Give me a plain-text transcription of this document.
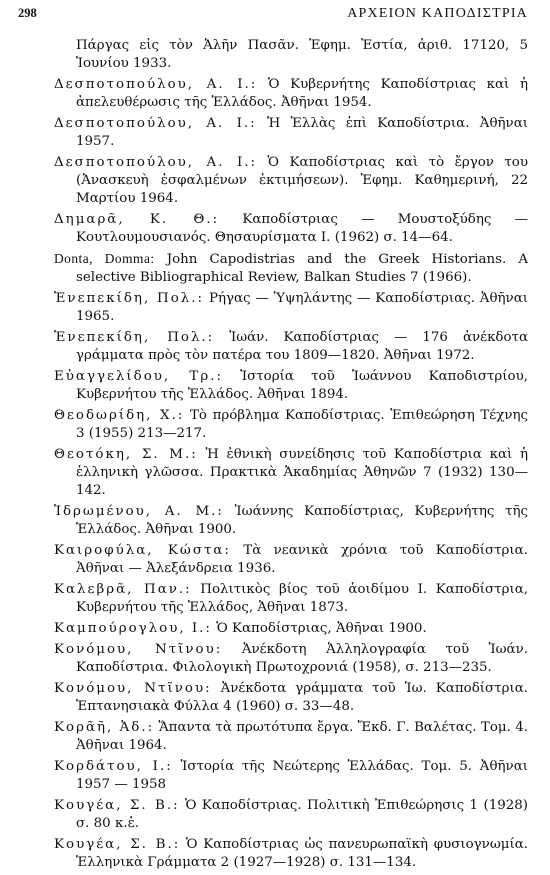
298	ΑΡΧΕΙΟΝ ΚΑΠΟΔΙΣΤΡΙΑ
Πάργας εἰς τὸν Ἀλῆν Πασᾶν. Ἐφημ. Ἑστία, ἀριθ. 17120, 5 Ἰουνίου 1933.
Δεσποτοπούλου, Α. Ι.: Ὁ Κυβερνήτης Καποδίστριας καὶ ἡ ἀπελευθέρωσις τῆς Ἑλλάδος. Ἀθῆναι 1954.
Δεσποτοπούλου, Α. Ι.: Ἡ Ἑλλὰς ἐπὶ Καποδίστρια. Ἀθῆναι 1957.
Δεσποτοπούλου, Α. Ι.: Ὁ Καποδίστριας καὶ τὸ ἔργον του (Ἀνασκευὴ ἐσφαλμένων ἐκτιμήσεων). Ἐφημ. Καθημερινή, 22 Μαρτίου 1964.
Δημαρᾶ, Κ. Θ.: Καποδίστριας — Μουστοξύδης — Κουτλουμουσιανός. Θησαυρίσματα Ι. (1962) σ. 14—64.
Donta, Domma: John Capodistrias and the Greek Historians. A selective Bibliographical Review, Balkan Studies 7 (1966).
Ἐνεπεκίδη, Πολ.: Ρήγας — Ὑψηλάντης — Καποδίστριας. Ἀθῆναι 1965.
Ἐνεπεκίδη, Πολ.: Ἰωάν. Καποδίστριας — 176 ἀνέκδοτα γράμματα πρὸς τὸν πατέρα του 1809—1820. Ἀθῆναι 1972.
Εὐαγγελίδου, Τρ.: Ἱστορία τοῦ Ἰωάννου Καποδιστρίου, Κυβερνήτου τῆς Ἑλλάδος. Ἀθῆναι 1894.
Θεοδωρίδη, Χ.: Τὸ πρόβλημα Καποδίστριας. Ἐπιθεώρηση Τέχνης 3 (1955) 213—217.
Θεοτόκη, Σ. Μ.: Ἡ ἐθνικὴ συνείδησις τοῦ Καποδίστρια καὶ ἡ ἑλληνικὴ γλῶσσα. Πρακτικὰ Ἀκαδημίας Ἀθηνῶν 7 (1932) 130—142.
Ἰδρωμένου, Α. Μ.: Ἰωάννης Καποδίστριας, Κυβερνήτης τῆς Ἑλλάδος. Ἀθῆναι 1900.
Καιροφύλα, Κώστα: Τὰ νεανικὰ χρόνια τοῦ Καποδίστρια. Ἀθῆναι — Ἀλεξάνδρεια 1936.
Καλεβρᾶ, Παν.: Πολιτικὸς βίος τοῦ ἀοιδίμου Ι. Καποδίστρια, Κυβερνήτου τῆς Ἑλλάδος, Ἀθῆναι 1873.
Καμπούρογλου, Ι.: Ὁ Καποδίστριας, Ἀθῆναι 1900.
Κονόμου, Ντῖνου: Ἀνέκδοτη Ἀλληλογραφία τοῦ Ἰωάν. Καποδίστρια. Φιλολογικὴ Πρωτοχρονιά (1958), σ. 213—235.
Κονόμου, Ντῖνου: Ἀνέκδοτα γράμματα τοῦ Ἰω. Καποδίστρια. Ἑπτανησιακὰ Φύλλα 4 (1960) σ. 33—48.
Κορᾶῆ, Ἀδ.: Ἅπαντα τὰ πρωτότυπα ἔργα. Ἔκδ. Γ. Βαλέτας. Τομ. 4. Ἀθῆναι 1964.
Κορδάτου, Ι.: Ἱστορία τῆς Νεώτερης Ἑλλάδας. Τομ. 5. Ἀθῆναι 1957 — 1958
Κουγέα, Σ. Β.: Ὁ Καποδίστριας. Πολιτικὴ Ἐπιθεώρησις 1 (1928) σ. 80 κ.ἑ.
Κουγέα, Σ. Β.: Ὁ Καποδίστριας ὡς πανευρωπαϊκὴ φυσιογνωμία. Ἑλληνικὰ Γράμματα 2 (1927—1928) σ. 131—134.
